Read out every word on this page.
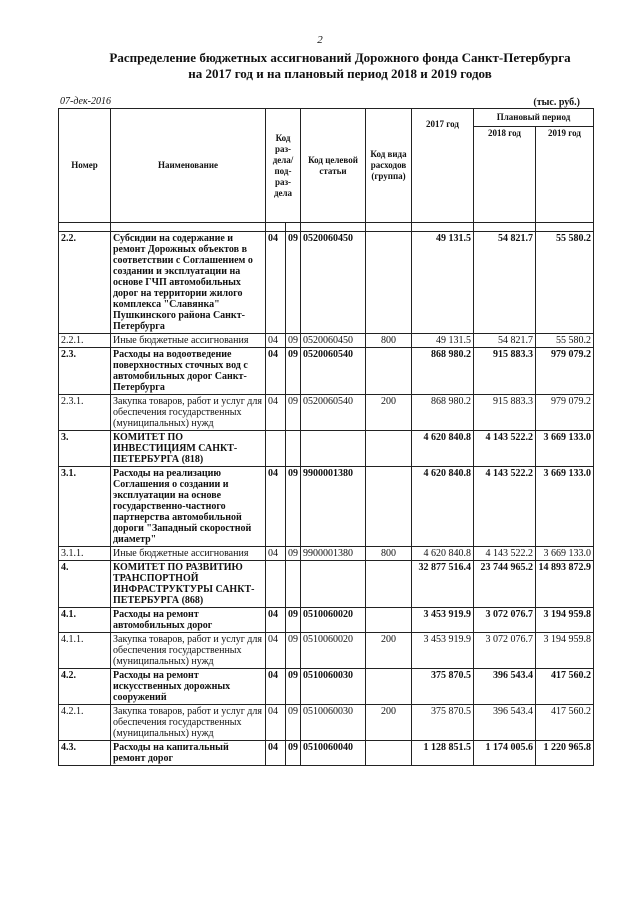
2
Распределение бюджетных ассигнований Дорожного фонда Санкт-Петербурга
на 2017 год и на плановый период 2018 и 2019 годов
07-дек-2016	(тыс. руб.)
Номер	Наименование	Код раз- дела/ под- раз- дела		Код целевой статьи	Код вида расходов (группа)	2017 год	Плановый период	
							2018 год	2019 год

2.2.	Субсидии на содержание и ремонт Дорожных объектов в соответствии с Соглашением о создании и эксплуатации на основе ГЧП автомобильных дорог на территории жилого комплекса "Славянка" Пушкинского района Санкт-Петербурга	04	09	0520060450		49 131.5	54 821.7	55 580.2
2.2.1.	Иные бюджетные ассигнования	04	09	0520060450	800	49 131.5	54 821.7	55 580.2
2.3.	Расходы на водоотведение поверхностных сточных вод с автомобильных дорог Санкт-Петербурга	04	09	0520060540		868 980.2	915 883.3	979 079.2
2.3.1.	Закупка товаров, работ и услуг для обеспечения государственных (муниципальных) нужд	04	09	0520060540	200	868 980.2	915 883.3	979 079.2
3.	КОМИТЕТ ПО ИНВЕСТИЦИЯМ САНКТ-ПЕТЕРБУРГА (818)					4 620 840.8	4 143 522.2	3 669 133.0
3.1.	Расходы на реализацию Соглашения о создании и эксплуатации на основе государственно-частного партнерства автомобильной дороги "Западный скоростной диаметр"	04	09	9900001380		4 620 840.8	4 143 522.2	3 669 133.0
3.1.1.	Иные бюджетные ассигнования	04	09	9900001380	800	4 620 840.8	4 143 522.2	3 669 133.0
4.	КОМИТЕТ ПО РАЗВИТИЮ ТРАНСПОРТНОЙ ИНФРАСТРУКТУРЫ САНКТ-ПЕТЕРБУРГА (868)					32 877 516.4	23 744 965.2	14 893 872.9
4.1.	Расходы на ремонт автомобильных дорог	04	09	0510060020		3 453 919.9	3 072 076.7	3 194 959.8
4.1.1.	Закупка товаров, работ и услуг для обеспечения государственных (муниципальных) нужд	04	09	0510060020	200	3 453 919.9	3 072 076.7	3 194 959.8
4.2.	Расходы на ремонт искусственных дорожных сооружений	04	09	0510060030		375 870.5	396 543.4	417 560.2
4.2.1.	Закупка товаров, работ и услуг для обеспечения государственных (муниципальных) нужд	04	09	0510060030	200	375 870.5	396 543.4	417 560.2
4.3.	Расходы на капитальный ремонт дорог	04	09	0510060040		1 128 851.5	1 174 005.6	1 220 965.8
